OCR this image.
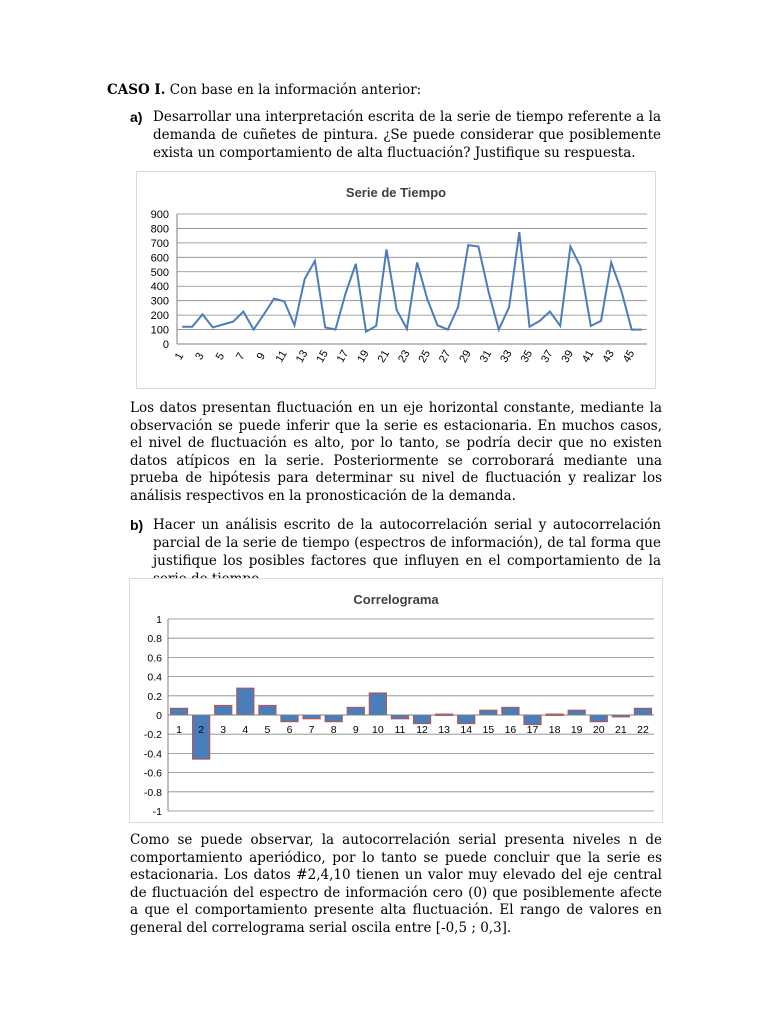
CASO I. Con base en la información anterior:
a) Desarrollar una interpretación escrita de la serie de tiempo referente a la demanda de cuñetes de pintura. ¿Se puede considerar que posiblemente exista un comportamiento de alta fluctuación? Justifique su respuesta.
Serie de Tiempo
0
100
200
300
400
500
600
700
800
900
1 3 5 7 9 11 13 15 17 19 21 23 25 27 29 31 33 35 37 39 41 43 45
Los datos presentan fluctuación en un eje horizontal constante, mediante la observación se puede inferir que la serie es estacionaria. En muchos casos, el nivel de fluctuación es alto, por lo tanto, se podría decir que no existen datos atípicos en la serie. Posteriormente se corroborará mediante una prueba de hipótesis para determinar su nivel de fluctuación y realizar los análisis respectivos en la pronosticación de la demanda.
b) Hacer un análisis escrito de la autocorrelación serial y autocorrelación parcial de la serie de tiempo (espectros de información), de tal forma que justifique los posibles factores que influyen en el comportamiento de la
Correlograma
-1
-0.8
-0.6
-0.4
-0.2
0
0.2
0.4
0.6
0.8
1
1 2 3 4 5 6 7 8 9 10 11 12 13 14 15 16 17 18 19 20 21 22
Como se puede observar, la autocorrelación serial presenta niveles n de comportamiento aperiódico, por lo tanto se puede concluir que la serie es estacionaria. Los datos #2,4,10 tienen un valor muy elevado del eje central de fluctuación del espectro de información cero (0) que posiblemente afecte a que el comportamiento presente alta fluctuación. El rango de valores en general del correlograma serial oscila entre [-0,5 ; 0,3].
